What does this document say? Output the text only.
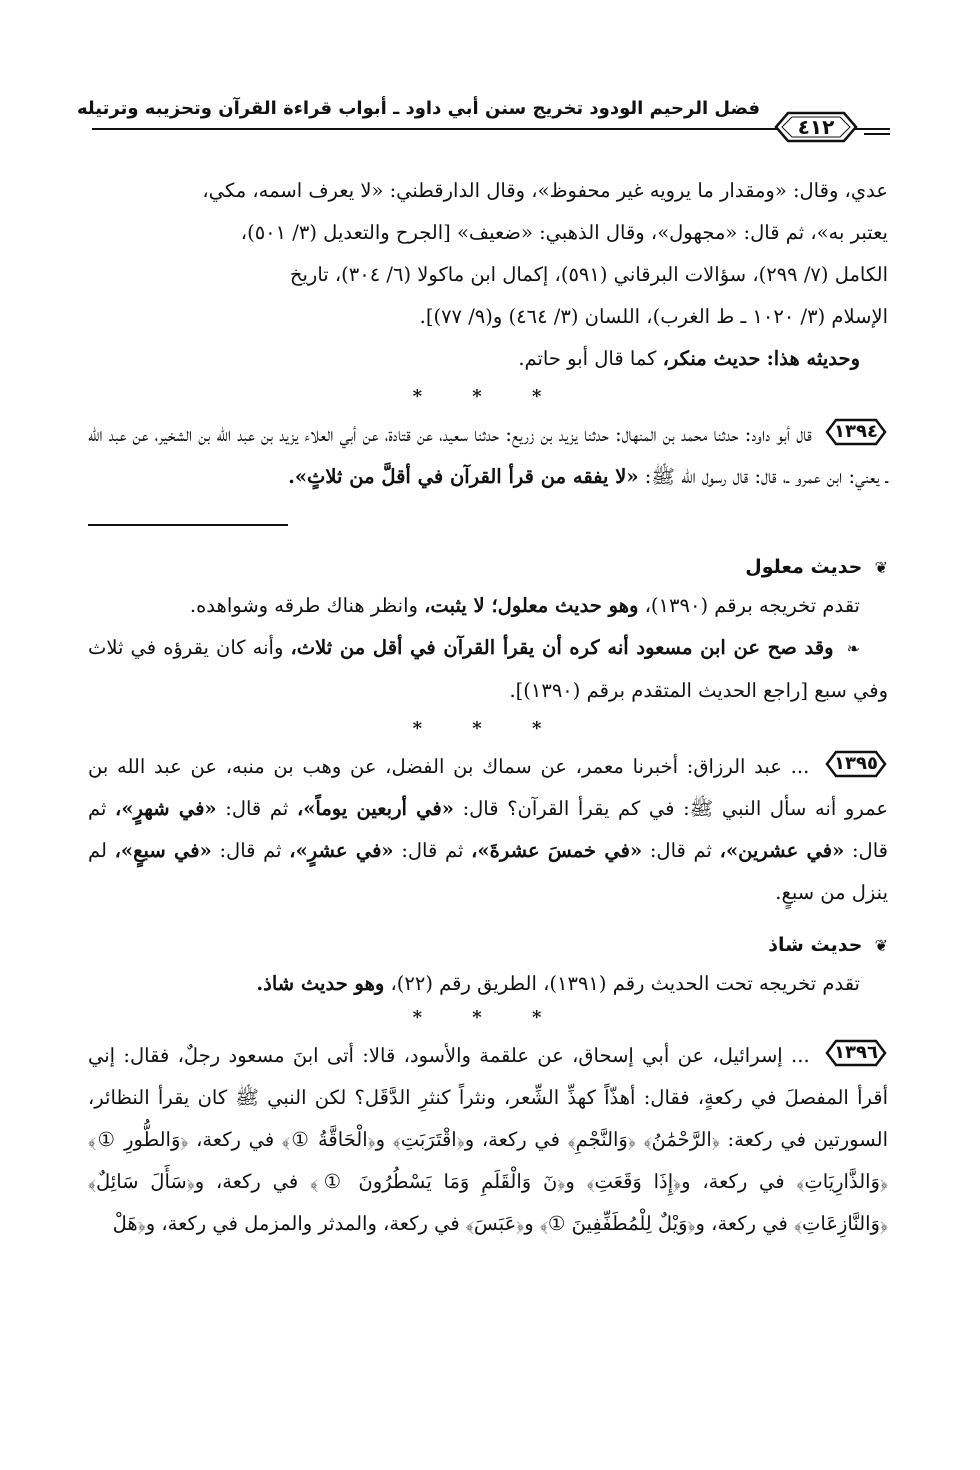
فضل الرحيم الودود تخريج سنن أبي داود ـ أبواب قراءة القرآن وتحزيبه وترتيله
٤١٢

عدي، وقال: «ومقدار ما يرويه غير محفوظ»، وقال الدارقطني: «لا يعرف اسمه، مكي،

يعتبر به»، ثم قال: «مجهول»، وقال الذهبي: «ضعيف» [الجرح والتعديل (٣/ ٥٠١)،

الكامل (٧/ ٢٩٩)، سؤالات البرقاني (٥٩١)، إكمال ابن ماكولا (٦/ ٣٠٤)، تاريخ

الإسلام (٣/ ١٠٢٠ ـ ط الغرب)، اللسان (٣/ ٤٦٤) و(٩/ ٧٧)].

وحديثه هذا: حديث منكر، كما قال أبو حاتم.

* * *

١٣٩٤
قال أبو داود: حدثنا محمد بن المنهال: حدثنا يزيد بن زريع: حدثنا سعيد، عن قتادة، عن أبي العلاء يزيد بن عبد الله بن الشخير، عن عبد الله ـ يعني: ابن عمرو ـ، قال: قال رسول الله ﷺ: «لا يفقه من قرأ القرآن في أقلَّ من ثلاثٍ».

❦ حديث معلول

تقدم تخريجه برقم (١٣٩٠)، وهو حديث معلول؛ لا يثبت، وانظر هناك طرقه وشواهده.

❧ وقد صح عن ابن مسعود أنه كره أن يقرأ القرآن في أقل من ثلاث، وأنه كان يقرؤه في ثلاث وفي سبع [راجع الحديث المتقدم برقم (١٣٩٠)].

* * *

١٣٩٥
... عبد الرزاق: أخبرنا معمر، عن سماك بن الفضل، عن وهب بن منبه، عن عبد الله بن عمرو أنه سأل النبي ﷺ: في كم يقرأ القرآن؟ قال: «في أربعين يوماً»، ثم قال: «في شهرٍ»، ثم قال: «في عشرين»، ثم قال: «في خمسَ عشرةَ»، ثم قال: «في عشرٍ»، ثم قال: «في سبعٍ»، لم ينزل من سبعٍ.

❦ حديث شاذ

تقدم تخريجه تحت الحديث رقم (١٣٩١)، الطريق رقم (٢٢)، وهو حديث شاذ.

* * *

١٣٩٦
... إسرائيل، عن أبي إسحاق، عن علقمة والأسود، قالا: أتى ابنَ مسعود رجلٌ، فقال: إني أقرأ المفصلَ في ركعةٍ، فقال: أهذّاً كهذِّ الشِّعر، ونثراً كنثرِ الدَّقَل؟ لكن النبي ﷺ كان يقرأ النظائر، السورتين في ركعة: ﴿الرَّحْمَٰنُ﴾ ﴿وَالنَّجْمِ﴾ في ركعة، و﴿اقْتَرَبَتِ﴾ و﴿الْحَاقَّةُ ①﴾ في ركعة، ﴿وَالطُّورِ ①﴾ ﴿وَالذَّارِيَاتِ﴾ في ركعة، و﴿إِذَا وَقَعَتِ﴾ و﴿نٓ وَالْقَلَمِ وَمَا يَسْطُرُونَ ①﴾ في ركعة، و﴿سَأَلَ سَائِلٌ﴾ ﴿وَالنَّازِعَاتِ﴾ في ركعة، و﴿وَيْلٌ لِلْمُطَفِّفِينَ ①﴾ و﴿عَبَسَ﴾ في ركعة، والمدثر والمزمل في ركعة، و﴿هَلْ
